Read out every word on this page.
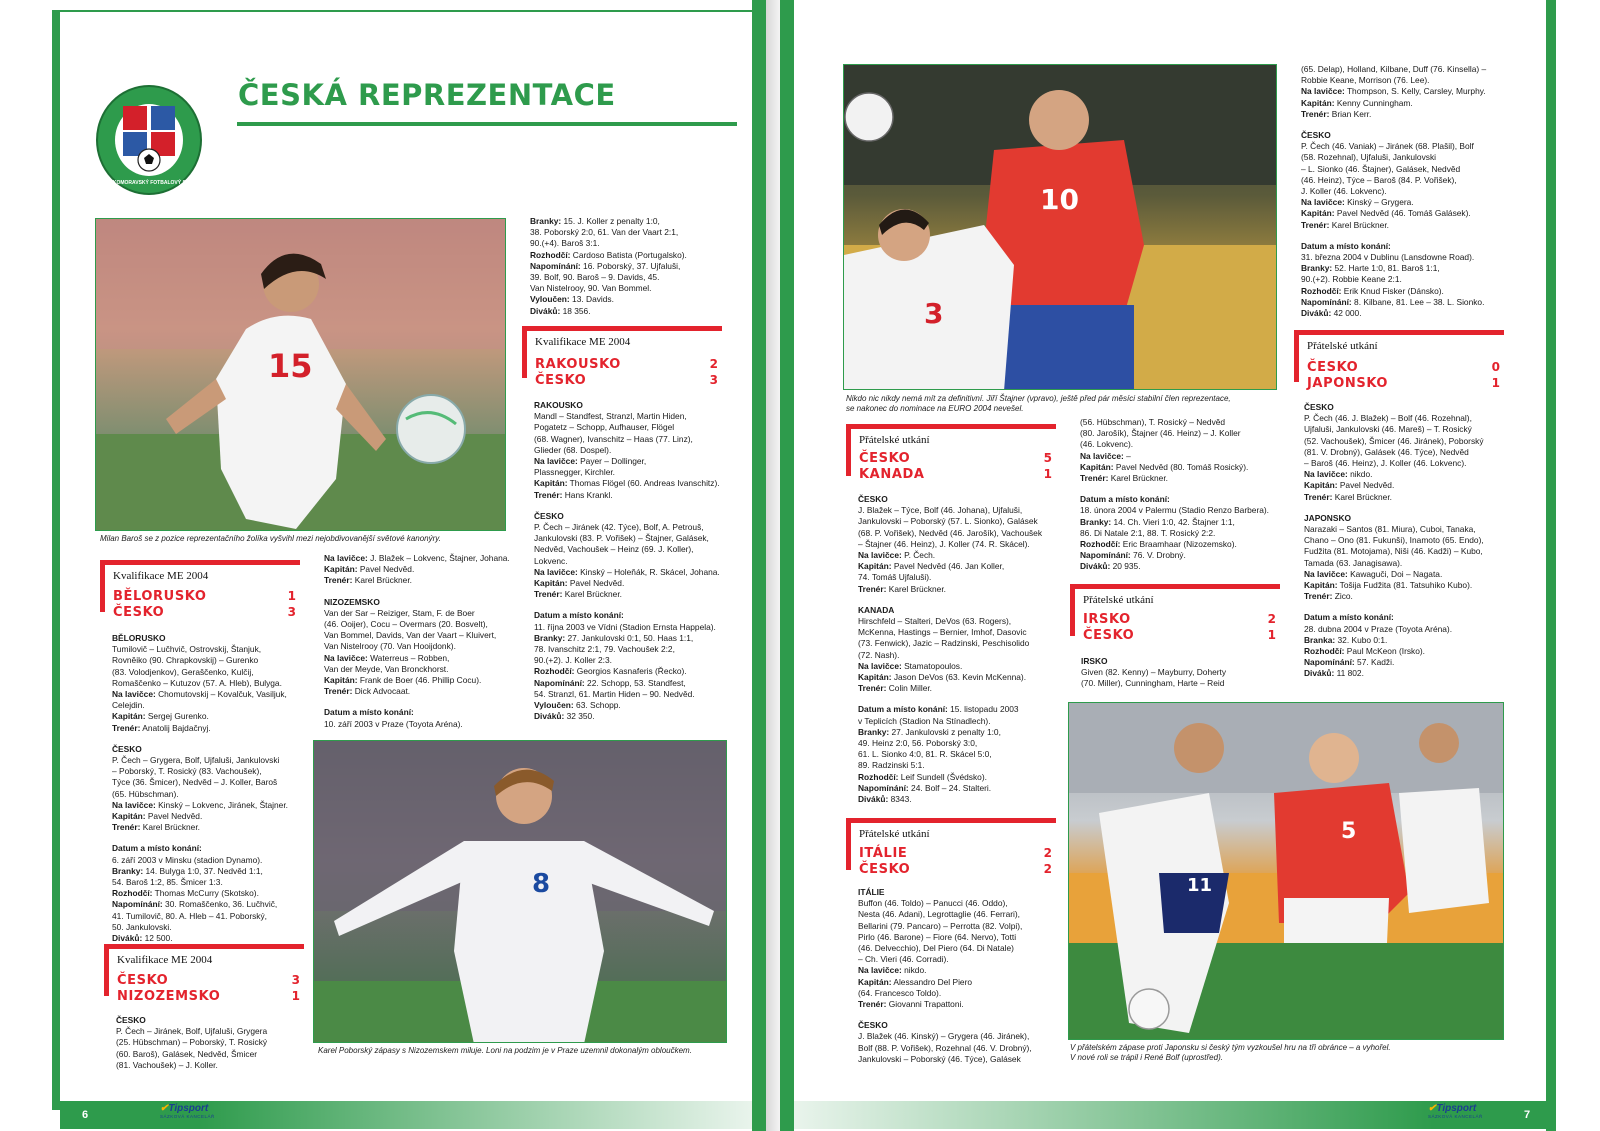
6
✔Tipsport
SÁZKOVÁ KANCELÁŘ	7
✔Tipsport
SÁZKOVÁ KANCELÁŘ
ČESKOMORAVSKÝ FOTBALOVÝ SVAZ
ČESKÁ REPREZENTACE
15
Milan Baroš se z pozice reprezentačního žolíka vyšvihl mezi nejobdivovanější světové kanonýry.
Branky: 15. J. Koller z penalty 1:0,
38. Poborský 2:0, 61. Van der Vaart 2:1,
90.(+4). Baroš 3:1.
Rozhodčí: Cardoso Batista (Portugalsko).
Napomínání: 16. Poborský, 37. Ujfaluši,
39. Bolf, 90. Baroš – 9. Davids, 45.
Van Nistelrooy, 90. Van Bommel.
Vyloučen: 13. Davids.
Diváků: 18 356.
Kvalifikace ME 2004
RAKOUSKO	2
ČESKO	3
RAKOUSKO
Mandl – Standfest, Stranzl, Martin Hiden,
Pogatetz – Schopp, Aufhauser, Flögel
(68. Wagner), Ivanschitz – Haas (77. Linz),
Glieder (68. Dospel).
Na lavičce: Payer – Dollinger,
Plassnegger, Kirchler.
Kapitán: Thomas Flögel (60. Andreas Ivanschitz).
Trenér: Hans Krankl.
ČESKO
P. Čech – Jiránek (42. Týce), Bolf, A. Petrouš,
Jankulovski (83. P. Vořišek) – Štajner, Galásek,
Nedvěd, Vachoušek – Heinz (69. J. Koller),
Lokvenc.
Na lavičce: Kinský – Holeňák, R. Skácel, Johana.
Kapitán: Pavel Nedvěd.
Trenér: Karel Brückner.
Datum a místo konání:
11. října 2003 ve Vídni (Stadion Ernsta Happela).
Branky: 27. Jankulovski 0:1, 50. Haas 1:1,
78. Ivanschitz 2:1, 79. Vachoušek 2:2,
90.(+2). J. Koller 2:3.
Rozhodčí: Georgios Kasnaferis (Řecko).
Napomínání: 22. Schopp, 53. Standfest,
54. Stranzl, 61. Martin Hiden – 90. Nedvěd.
Vyloučen: 63. Schopp.
Diváků: 32 350.
Kvalifikace ME 2004
BĚLORUSKO	1
ČESKO	3
BĚLORUSKO
Tumilovič – Lučhvič, Ostrovskij, Štanjuk,
Rovněiko (90. Chrapkovskij) – Gurenko
(83. Volodjenkov), Geraščenko, Kulčij,
Romaščenko – Kutuzov (57. A. Hleb), Bulyga.
Na lavičce: Chomutovskij – Kovalčuk, Vasiljuk,
Celejdin.
Kapitán: Sergej Gurenko.
Trenér: Anatolij Bajdačnyj.
ČESKO
P. Čech – Grygera, Bolf, Ujfaluši, Jankulovski
– Poborský, T. Rosický (83. Vachoušek),
Týce (36. Šmicer), Nedvěd – J. Koller, Baroš
(65. Hübschman).
Na lavičce: Kinský – Lokvenc, Jiránek, Štajner.
Kapitán: Pavel Nedvěd.
Trenér: Karel Brückner.
Datum a místo konání:
6. září 2003 v Minsku (stadion Dynamo).
Branky: 14. Bulyga 1:0, 37. Nedvěd 1:1,
54. Baroš 1:2, 85. Šmicer 1:3.
Rozhodčí: Thomas McCurry (Skotsko).
Napomínání: 30. Romaščenko, 36. Lučhvič,
41. Tumilovič, 80. A. Hleb – 41. Poborský,
50. Jankulovski.
Diváků: 12 500.
Na lavičce: J. Blažek – Lokvenc, Štajner, Johana.
Kapitán: Pavel Nedvěd.
Trenér: Karel Brückner.
NIZOZEMSKO
Van der Sar – Reiziger, Stam, F. de Boer
(46. Ooijer), Cocu – Overmars (20. Bosvelt),
Van Bommel, Davids, Van der Vaart – Kluivert,
Van Nistelrooy (70. Van Hooijdonk).
Na lavičce: Waterreus – Robben,
Van der Meyde, Van Bronckhorst.
Kapitán: Frank de Boer (46. Phillip Cocu).
Trenér: Dick Advocaat.
Datum a místo konání:
10. září 2003 v Praze (Toyota Aréna).
8
Karel Poborský zápasy s Nizozemskem miluje. Loni na podzim je v Praze uzemnil dokonalým obloučkem.
Kvalifikace ME 2004
ČESKO	3
NIZOZEMSKO	1
ČESKO
P. Čech – Jiránek, Bolf, Ujfaluši, Grygera
(25. Hübschman) – Poborský, T. Rosický
(60. Baroš), Galásek, Nedvěd, Šmicer
(81. Vachoušek) – J. Koller.
10
3
Nikdo nic nikdy nemá mít za definitivní. Jiří Štajner (vpravo), ještě před pár měsíci stabilní člen reprezentace,
se nakonec do nominace na EURO 2004 nevešel.
Přátelské utkání
ČESKO	5
KANADA	1
ČESKO
J. Blažek – Týce, Bolf (46. Johana), Ujfaluši,
Jankulovski – Poborský (57. L. Sionko), Galásek
(68. P. Vořišek), Nedvěd (46. Jarošík), Vachoušek
– Štajner (46. Heinz), J. Koller (74. R. Skácel).
Na lavičce: P. Čech.
Kapitán: Pavel Nedvěd (46. Jan Koller,
74. Tomáš Ujfaluši).
Trenér: Karel Brückner.
KANADA
Hirschfeld – Stalteri, DeVos (63. Rogers),
McKenna, Hastings – Bernier, Imhof, Dasovic
(73. Fenwick), Jazic – Radzinski, Peschisolido
(72. Nash).
Na lavičce: Stamatopoulos.
Kapitán: Jason DeVos (63. Kevin McKenna).
Trenér: Colin Miller.
Datum a místo konání: 15. listopadu 2003
v Teplicích (Stadion Na Stínadlech).
Branky: 27. Jankulovski z penalty 1:0,
49. Heinz 2:0, 56. Poborský 3:0,
61. L. Sionko 4:0, 81. R. Skácel 5:0,
89. Radzinski 5:1.
Rozhodčí: Leif Sundell (Švédsko).
Napomínání: 24. Bolf – 24. Stalteri.
Diváků: 8343.
Přátelské utkání
ITÁLIE	2
ČESKO	2
ITÁLIE
Buffon (46. Toldo) – Panucci (46. Oddo),
Nesta (46. Adani), Legrottaglie (46. Ferrari),
Bellarini (79. Pancaro) – Perrotta (82. Volpi),
Pirlo (46. Barone) – Fiore (64. Nervo), Totti
(46. Delvecchio), Del Piero (64. Di Natale)
– Ch. Vieri (46. Corradi).
Na lavičce: nikdo.
Kapitán: Alessandro Del Piero
(64. Francesco Toldo).
Trenér: Giovanni Trapattoni.
ČESKO
J. Blažek (46. Kinský) – Grygera (46. Jiránek),
Bolf (88. P. Vořišek), Rozehnal (46. V. Drobný),
Jankulovski – Poborský (46. Týce), Galásek
(56. Hübschman), T. Rosický – Nedvěd
(80. Jarošík), Štajner (46. Heinz) – J. Koller
(46. Lokvenc).
Na lavičce: –
Kapitán: Pavel Nedvěd (80. Tomáš Rosický).
Trenér: Karel Brückner.
Datum a místo konání:
18. února 2004 v Palermu (Stadio Renzo Barbera).
Branky: 14. Ch. Vieri 1:0, 42. Štajner 1:1,
86. Di Natale 2:1, 88. T. Rosický 2:2.
Rozhodčí: Eric Braamhaar (Nizozemsko).
Napomínání: 76. V. Drobný.
Diváků: 20 935.
Přátelské utkání
IRSKO	2
ČESKO	1
IRSKO
Given (82. Kenny) – Mayburry, Doherty
(70. Miller), Cunningham, Harte – Reid
(65. Delap), Holland, Kilbane, Duff (76. Kinsella) –
Robbie Keane, Morrison (76. Lee).
Na lavičce: Thompson, S. Kelly, Carsley, Murphy.
Kapitán: Kenny Cunningham.
Trenér: Brian Kerr.
ČESKO
P. Čech (46. Vaniak) – Jiránek (68. Plašil), Bolf
(58. Rozehnal), Ujfaluši, Jankulovski
– L. Sionko (46. Štajner), Galásek, Nedvěd
(46. Heinz), Týce – Baroš (84. P. Vořišek),
J. Koller (46. Lokvenc).
Na lavičce: Kinský – Grygera.
Kapitán: Pavel Nedvěd (46. Tomáš Galásek).
Trenér: Karel Brückner.
Datum a místo konání:
31. března 2004 v Dublinu (Lansdowne Road).
Branky: 52. Harte 1:0, 81. Baroš 1:1,
90.(+2). Robbie Keane 2:1.
Rozhodčí: Erik Knud Fisker (Dánsko).
Napomínání: 8. Kilbane, 81. Lee – 38. L. Sionko.
Diváků: 42 000.
Přátelské utkání
ČESKO	0
JAPONSKO	1
ČESKO
P. Čech (46. J. Blažek) – Bolf (46. Rozehnal),
Ujfaluši, Jankulovski (46. Mareš) – T. Rosický
(52. Vachoušek), Šmicer (46. Jiránek), Poborský
(81. V. Drobný), Galásek (46. Týce), Nedvěd
– Baroš (46. Heinz), J. Koller (46. Lokvenc).
Na lavičce: nikdo.
Kapitán: Pavel Nedvěd.
Trenér: Karel Brückner.
JAPONSKO
Narazaki – Santos (81. Miura), Cuboi, Tanaka,
Chano – Ono (81. Fukunši), Inamoto (65. Endo),
Fudžita (81. Motojama), Niši (46. Kadži) – Kubo,
Tamada (63. Janagisawa).
Na lavičce: Kawaguči, Doi – Nagata.
Kapitán: Tošija Fudžita (81. Tatsuhiko Kubo).
Trenér: Zico.
Datum a místo konání:
28. dubna 2004 v Praze (Toyota Aréna).
Branka: 32. Kubo 0:1.
Rozhodčí: Paul McKeon (Irsko).
Napomínání: 57. Kadži.
Diváků: 11 802.
5
11
V přátelském zápase proti Japonsku si český tým vyzkoušel hru na tři obránce – a vyhořel.
V nové roli se trápil i René Bolf (uprostřed).
